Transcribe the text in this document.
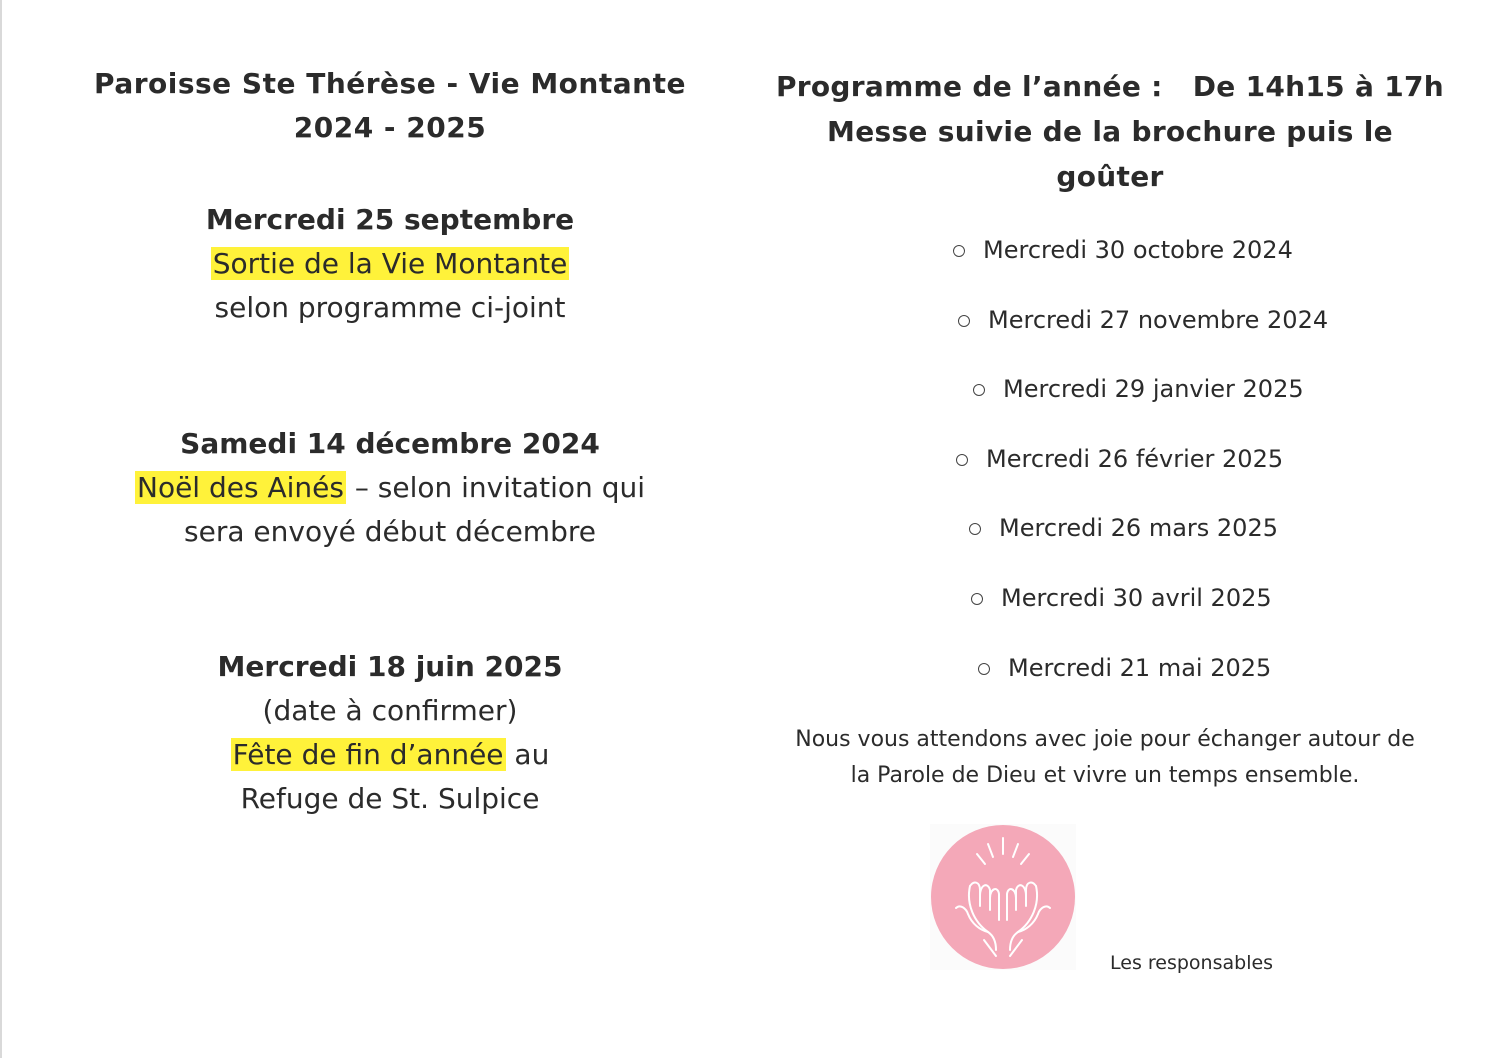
Paroisse Ste Thérèse - Vie Montante
2024 - 2025
Mercredi 25 septembre
Sortie de la Vie Montante
selon programme ci-joint
Samedi 14 décembre 2024
Noël des Ainés – selon invitation qui
sera envoyé début décembre
Mercredi 18 juin 2025
(date à confirmer)
Fête de fin d’année au
Refuge de St. Sulpice
Programme de l’année : De 14h15 à 17h
Messe suivie de la brochure puis le
goûter
Mercredi 30 octobre 2024
Mercredi 27 novembre 2024
Mercredi 29 janvier 2025
Mercredi 26 février 2025
Mercredi 26 mars 2025
Mercredi 30 avril 2025
Mercredi 21 mai 2025
Nous vous attendons avec joie pour échanger autour de
la Parole de Dieu et vivre un temps ensemble.
Les responsables
